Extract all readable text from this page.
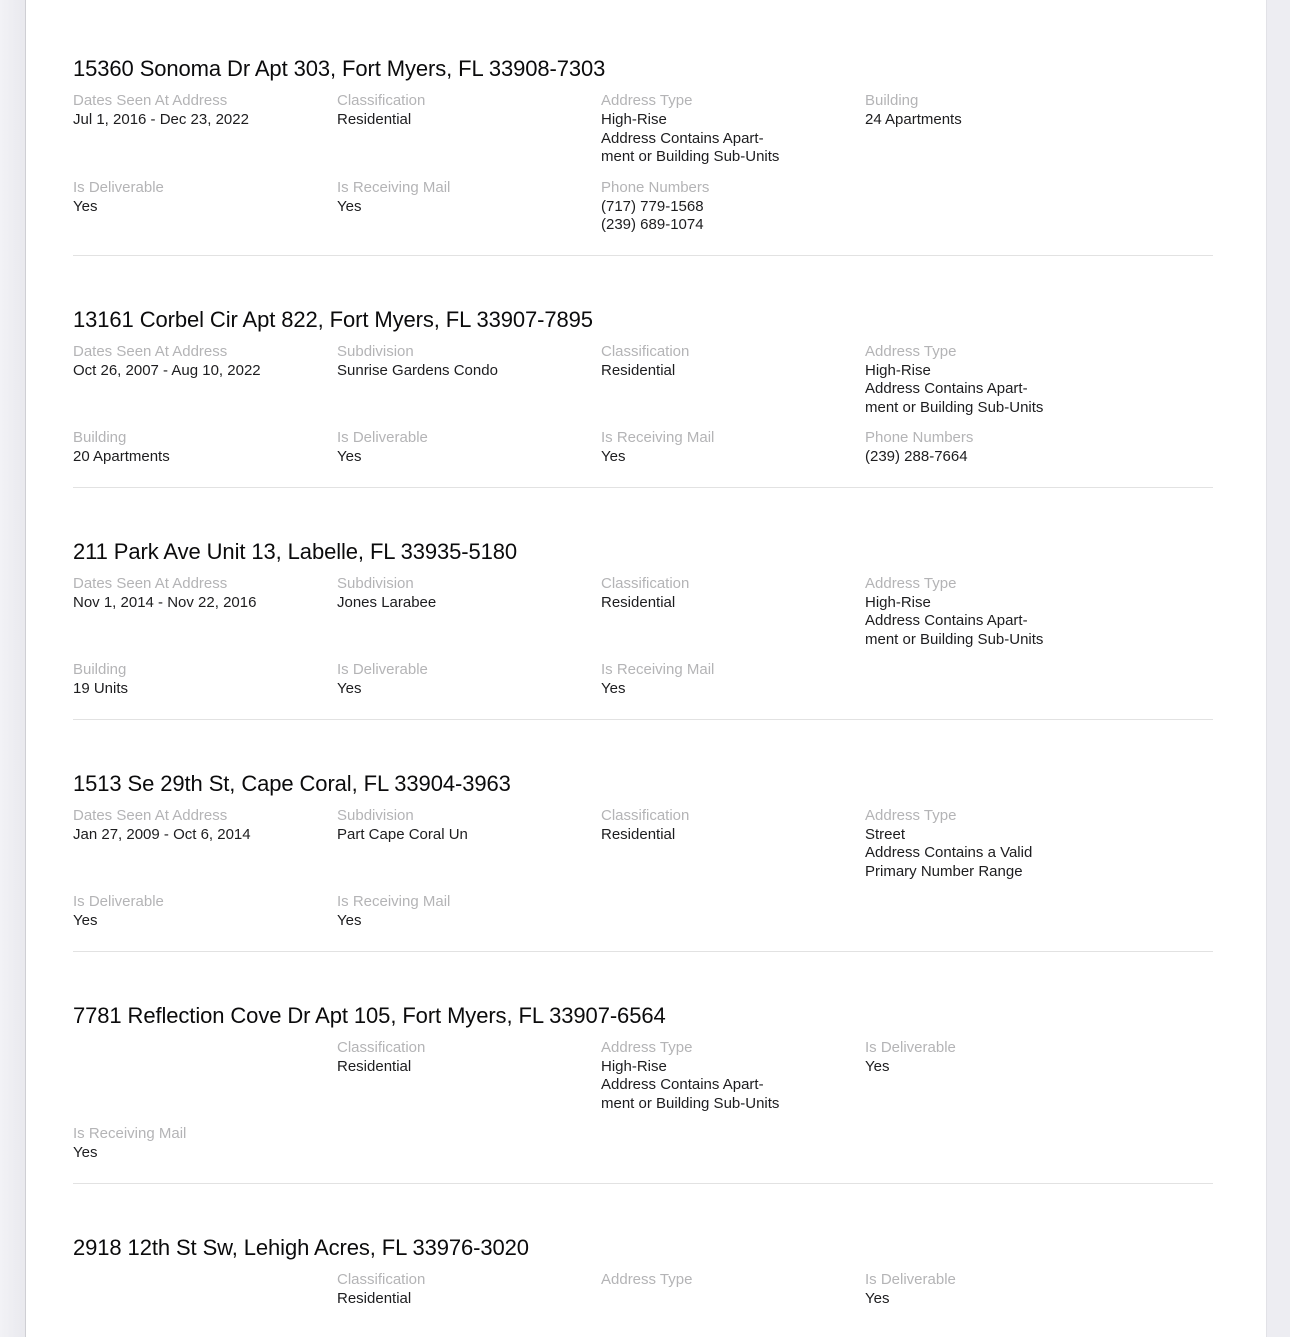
15360 Sonoma Dr Apt 303, Fort Myers, FL 33908-7303
Dates Seen At Address
Jul 1, 2016 - Dec 23, 2022
Classification
Residential
Address Type
High-Rise
Address Contains Apart-
ment or Building Sub-Units
Building
24 Apartments
Is Deliverable
Yes
Is Receiving Mail
Yes
Phone Numbers
(717) 779-1568
(239) 689-1074
13161 Corbel Cir Apt 822, Fort Myers, FL 33907-7895
Dates Seen At Address
Oct 26, 2007 - Aug 10, 2022
Subdivision
Sunrise Gardens Condo
Classification
Residential
Address Type
High-Rise
Address Contains Apart-
ment or Building Sub-Units
Building
20 Apartments
Is Deliverable
Yes
Is Receiving Mail
Yes
Phone Numbers
(239) 288-7664
211 Park Ave Unit 13, Labelle, FL 33935-5180
Dates Seen At Address
Nov 1, 2014 - Nov 22, 2016
Subdivision
Jones Larabee
Classification
Residential
Address Type
High-Rise
Address Contains Apart-
ment or Building Sub-Units
Building
19 Units
Is Deliverable
Yes
Is Receiving Mail
Yes
1513 Se 29th St, Cape Coral, FL 33904-3963
Dates Seen At Address
Jan 27, 2009 - Oct 6, 2014
Subdivision
Part Cape Coral Un
Classification
Residential
Address Type
Street
Address Contains a Valid
Primary Number Range
Is Deliverable
Yes
Is Receiving Mail
Yes
7781 Reflection Cove Dr Apt 105, Fort Myers, FL 33907-6564
Classification
Residential
Address Type
High-Rise
Address Contains Apart-
ment or Building Sub-Units
Is Deliverable
Yes
Is Receiving Mail
Yes
2918 12th St Sw, Lehigh Acres, FL 33976-3020
Classification
Residential
Address Type	Is Deliverable
Yes
